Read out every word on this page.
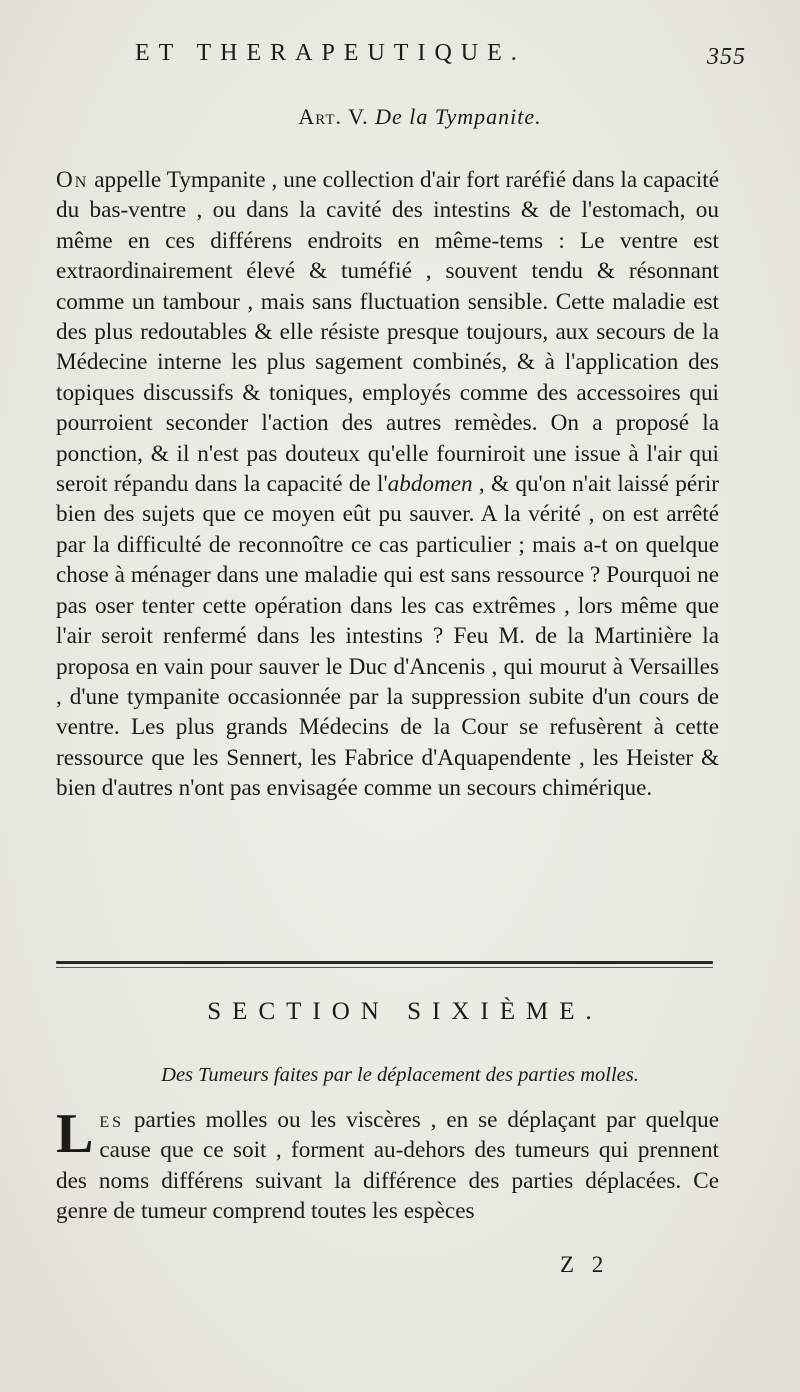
ET THERAPEUTIQUE.	355
Art. V. De la Tympanite.

On appelle Tympanite , une collection d'air fort raréfié dans la capacité du bas-ventre , ou dans la cavité des intestins & de l'estomach, ou même en ces différens endroits en même-tems : Le ventre est extraordinairement élevé & tuméfié , souvent tendu & résonnant comme un tambour , mais sans fluctuation sensible. Cette maladie est des plus redoutables & elle résiste presque toujours, aux secours de la Médecine interne les plus sagement combinés, & à l'application des topiques discussifs & toniques, employés comme des accessoires qui pourroient seconder l'action des autres remèdes. On a proposé la ponction, & il n'est pas douteux qu'elle fourniroit une issue à l'air qui seroit répandu dans la capacité de l'abdomen , & qu'on n'ait laissé périr bien des sujets que ce moyen eût pu sauver. A la vérité , on est arrêté par la difficulté de reconnoître ce cas particulier ; mais a-t on quelque chose à ménager dans une maladie qui est sans ressource ? Pourquoi ne pas oser tenter cette opération dans les cas extrêmes , lors même que l'air seroit renfermé dans les intestins ? Feu M. de la Martinière la proposa en vain pour sauver le Duc d'Ancenis , qui mourut à Versailles , d'une tympanite occasionnée par la suppression subite d'un cours de ventre. Les plus grands Médecins de la Cour se refusèrent à cette ressource que les Sennert, les Fabrice d'Aquapendente , les Heister & bien d'autres n'ont pas envisagée comme un secours chimérique.

SECTION SIXIÈME.
Des Tumeurs faites par le déplacement des parties molles.

Les parties molles ou les viscères , en se déplaçant par quelque cause que ce soit , forment au-dehors des tumeurs qui prennent des noms différens suivant la différence des parties déplacées. Ce genre de tumeur comprend toutes les espèces

Z 2
